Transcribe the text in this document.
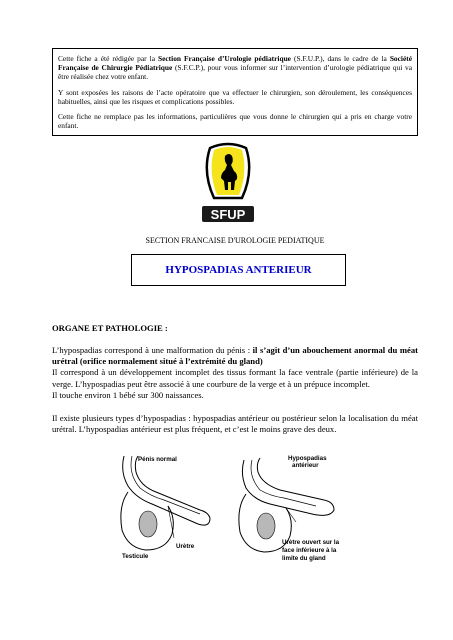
Cette fiche a été rédigée par la Section Française d’Urologie pédiatrique (S.F.U.P.), dans le cadre de la Société Française de Chirurgie Pédiatrique (S.F.C.P.), pour vous informer sur l’intervention d’urologie pédiatrique qui va être réalisée chez votre enfant.

Y sont exposées les raisons de l’acte opératoire que va effectuer le chirurgien, son déroulement, les conséquences habituelles, ainsi que les risques et complications possibles.

Cette fiche ne remplace pas les informations, particulières que vous donne le chirurgien qui a pris en charge votre enfant.

SFUP
SECTION FRANCAISE D'UROLOGIE PEDIATIQUE
HYPOSPADIAS ANTERIEUR
ORGANE ET PATHOLOGIE :

L’hypospadias correspond à une malformation du pénis : il s’agit d’un abouchement anormal du méat urétral (orifice normalement situé à l’extrémité du gland)

Il correspond à un développement incomplet des tissus formant la face ventrale (partie inférieure) de la verge. L’hypospadias peut être associé à une courbure de la verge et à un prépuce incomplet.

Il touche environ 1 bébé sur 300 naissances.

Il existe plusieurs types d’hypospadias : hypospadias antérieur ou postérieur selon la localisation du méat urétral. L’hypospadias antérieur est plus fréquent, et c’est le moins grave des deux.

Pénis normal
Testicule
Urètre
Hypospadias
antérieur
Urètre ouvert sur la
face inférieure à la
limite du gland
